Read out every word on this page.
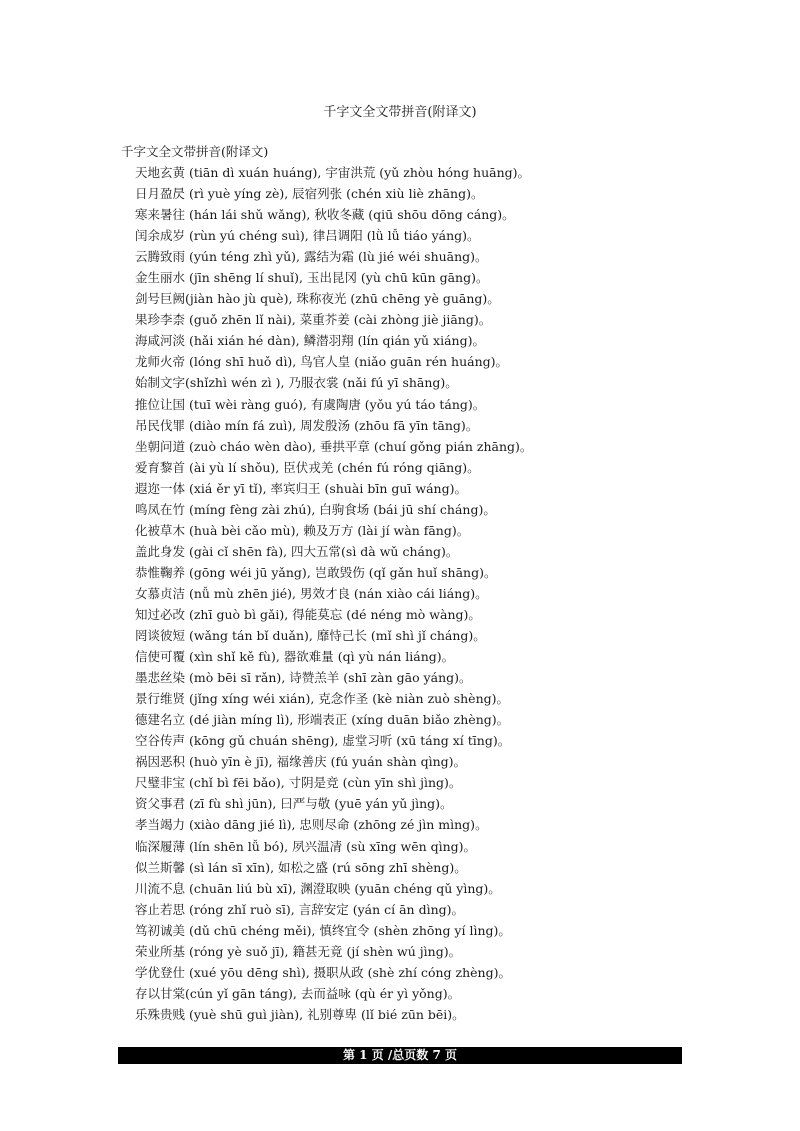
千字文全文带拼音(附译文)
千字文全文带拼音(附译文)
天地玄黄 (tiān dì xuán huáng), 宇宙洪荒 (yǔ zhòu hóng huāng)。
日月盈昃 (rì yuè yíng zè), 辰宿列张 (chén xiù liè zhāng)。
寒来暑往 (hán lái shǔ wǎng), 秋收冬藏 (qiū shōu dōng cáng)。
闰余成岁 (rùn yú chéng suì), 律吕调阳 (lǜ lǚ tiáo yáng)。
云腾致雨 (yún téng zhì yǔ), 露结为霜 (lù jié wéi shuāng)。
金生丽水 (jīn shēng lí shuǐ), 玉出昆冈 (yù chū kūn gāng)。
剑号巨阙(jiàn hào jù què), 珠称夜光 (zhū chēng yè guāng)。
果珍李柰 (guǒ zhēn lǐ nài), 菜重芥姜 (cài zhòng jiè jiāng)。
海咸河淡 (hǎi xián hé dàn), 鳞潜羽翔 (lín qián yǔ xiáng)。
龙师火帝 (lóng shī huǒ dì), 鸟官人皇 (niǎo guān rén huáng)。
始制文字(shǐzhì wén zì ), 乃服衣裳 (nǎi fú yī shāng)。
推位让国 (tuī wèi ràng guó), 有虞陶唐 (yǒu yú táo táng)。
吊民伐罪 (diào mín fá zuì), 周发殷汤 (zhōu fā yīn tāng)。
坐朝问道 (zuò cháo wèn dào), 垂拱平章 (chuí gǒng pián zhāng)。
爱育黎首 (ài yù lí shǒu), 臣伏戎羌 (chén fú róng qiāng)。
遐迩一体 (xiá ěr yī tǐ), 率宾归王 (shuài bīn guī wáng)。
鸣凤在竹 (míng fèng zài zhú), 白驹食场 (bái jū shí cháng)。
化被草木 (huà bèi cǎo mù), 赖及万方 (lài jí wàn fāng)。
盖此身发 (gài cǐ shēn fà), 四大五常(sì dà wǔ cháng)。
恭惟鞠养 (gōng wéi jū yǎng), 岂敢毁伤 (qǐ gǎn huǐ shāng)。
女慕贞洁 (nǚ mù zhēn jié), 男效才良 (nán xiào cái liáng)。
知过必改 (zhī guò bì gǎi), 得能莫忘 (dé néng mò wàng)。
罔谈彼短 (wǎng tán bǐ duǎn), 靡恃己长 (mǐ shì jǐ cháng)。
信使可覆 (xìn shǐ kě fù), 器欲难量 (qì yù nán liáng)。
墨悲丝染 (mò bēi sī rǎn), 诗赞羔羊 (shī zàn gāo yáng)。
景行维贤 (jǐng xíng wéi xián), 克念作圣 (kè niàn zuò shèng)。
德建名立 (dé jiàn míng lì), 形端表正 (xíng duān biǎo zhèng)。
空谷传声 (kōng gǔ chuán shēng), 虚堂习听 (xū táng xí tīng)。
祸因恶积 (huò yīn è jī), 福缘善庆 (fú yuán shàn qìng)。
尺璧非宝 (chǐ bì fēi bǎo), 寸阴是竞 (cùn yīn shì jìng)。
资父事君 (zī fù shì jūn), 曰严与敬 (yuē yán yǔ jìng)。
孝当竭力 (xiào dāng jié lì), 忠则尽命 (zhōng zé jìn mìng)。
临深履薄 (lín shēn lǚ bó), 夙兴温凊 (sù xīng wēn qìng)。
似兰斯馨 (sì lán sī xīn), 如松之盛 (rú sōng zhī shèng)。
川流不息 (chuān liú bù xī), 渊澄取映 (yuān chéng qǔ yìng)。
容止若思 (róng zhǐ ruò sī), 言辞安定 (yán cí ān dìng)。
笃初诚美 (dǔ chū chéng měi), 慎终宜令 (shèn zhōng yí lìng)。
荣业所基 (róng yè suǒ jī), 籍甚无竟 (jí shèn wú jìng)。
学优登仕 (xué yōu dēng shì), 摄职从政 (shè zhí cóng zhèng)。
存以甘棠(cún yǐ gān táng), 去而益咏 (qù ér yì yǒng)。
乐殊贵贱 (yuè shū guì jiàn), 礼别尊卑 (lǐ bié zūn bēi)。
第 1 页 /总页数 7 页
